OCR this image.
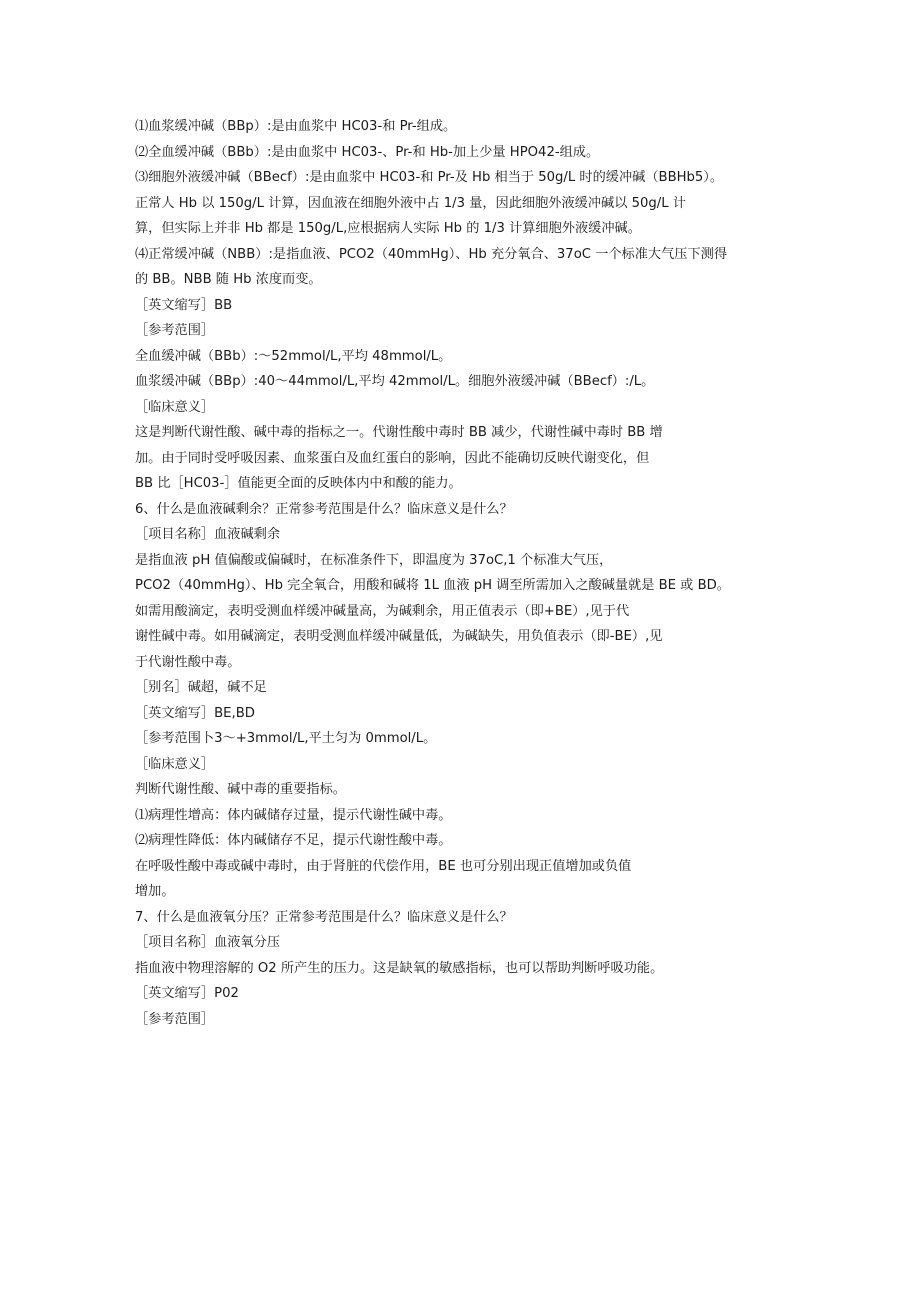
⑴血浆缓冲碱（BBp）:是由血浆中 HC03-和 Pr-组成。
⑵全血缓冲碱（BBb）:是由血浆中 HC03-、Pr-和 Hb-加上少量 HPO42-组成。
⑶细胞外液缓冲碱（BBecf）:是由血浆中 HC03-和 Pr-及 Hb 相当于 50g/L 时的缓冲碱（BBHb5）。
正常人 Hb 以 150g/L 计算，因血液在细胞外液中占 1/3 量，因此细胞外液缓冲碱以 50g/L 计
算，但实际上并非 Hb 都是 150g/L,应根据病人实际 Hb 的 1/3 计算细胞外液缓冲碱。
⑷正常缓冲碱（NBB）:是指血液、PCO2（40mmHg）、Hb 充分氧合、37oC 一个标准大气压下测得
的 BB。NBB 随 Hb 浓度而变。
［英文缩写］BB
［参考范围］
全血缓冲碱（BBb）:〜52mmol/L,平均 48mmol/L。
血浆缓冲碱（BBp）:40〜44mmol/L,平均 42mmol/L。细胞外液缓冲碱（BBecf）:/L。
［临床意义］
这是判断代谢性酸、碱中毒的指标之一。代谢性酸中毒时 BB 减少，代谢性碱中毒时 BB 增
加。由于同时受呼吸因素、血浆蛋白及血红蛋白的影响，因此不能确切反映代谢变化，但
BB 比［HC03-］值能更全面的反映体内中和酸的能力。
6、什么是血液碱剩余？正常参考范围是什么？临床意义是什么？
［项目名称］血液碱剩余
是指血液 pH 值偏酸或偏碱时，在标准条件下，即温度为 37oC,1 个标准大气压，
PCO2（40mmHg）、Hb 完全氧合，用酸和碱将 1L 血液 pH 调至所需加入之酸碱量就是 BE 或 BD。
如需用酸滴定，表明受测血样缓冲碱量高，为碱剩余，用正值表示（即+BE）,见于代
谢性碱中毒。如用碱滴定，表明受测血样缓冲碱量低，为碱缺失，用负值表示（即-BE）,见
于代谢性酸中毒。
［别名］碱超，碱不足
［英文缩写］BE,BD
［参考范围卜3〜+3mmol/L,平土匀为 0mmol/L。
［临床意义］
判断代谢性酸、碱中毒的重要指标。
⑴病理性增高：体内碱储存过量，提示代谢性碱中毒。
⑵病理性降低：体内碱储存不足，提示代谢性酸中毒。
在呼吸性酸中毒或碱中毒时，由于肾脏的代偿作用，BE 也可分别出现正值增加或负值
增加。
7、什么是血液氧分压？正常参考范围是什么？临床意义是什么？
［项目名称］血液氧分压
指血液中物理溶解的 O2 所产生的压力。这是缺氧的敏感指标，也可以帮助判断呼吸功能。
［英文缩写］P02
［参考范围］
